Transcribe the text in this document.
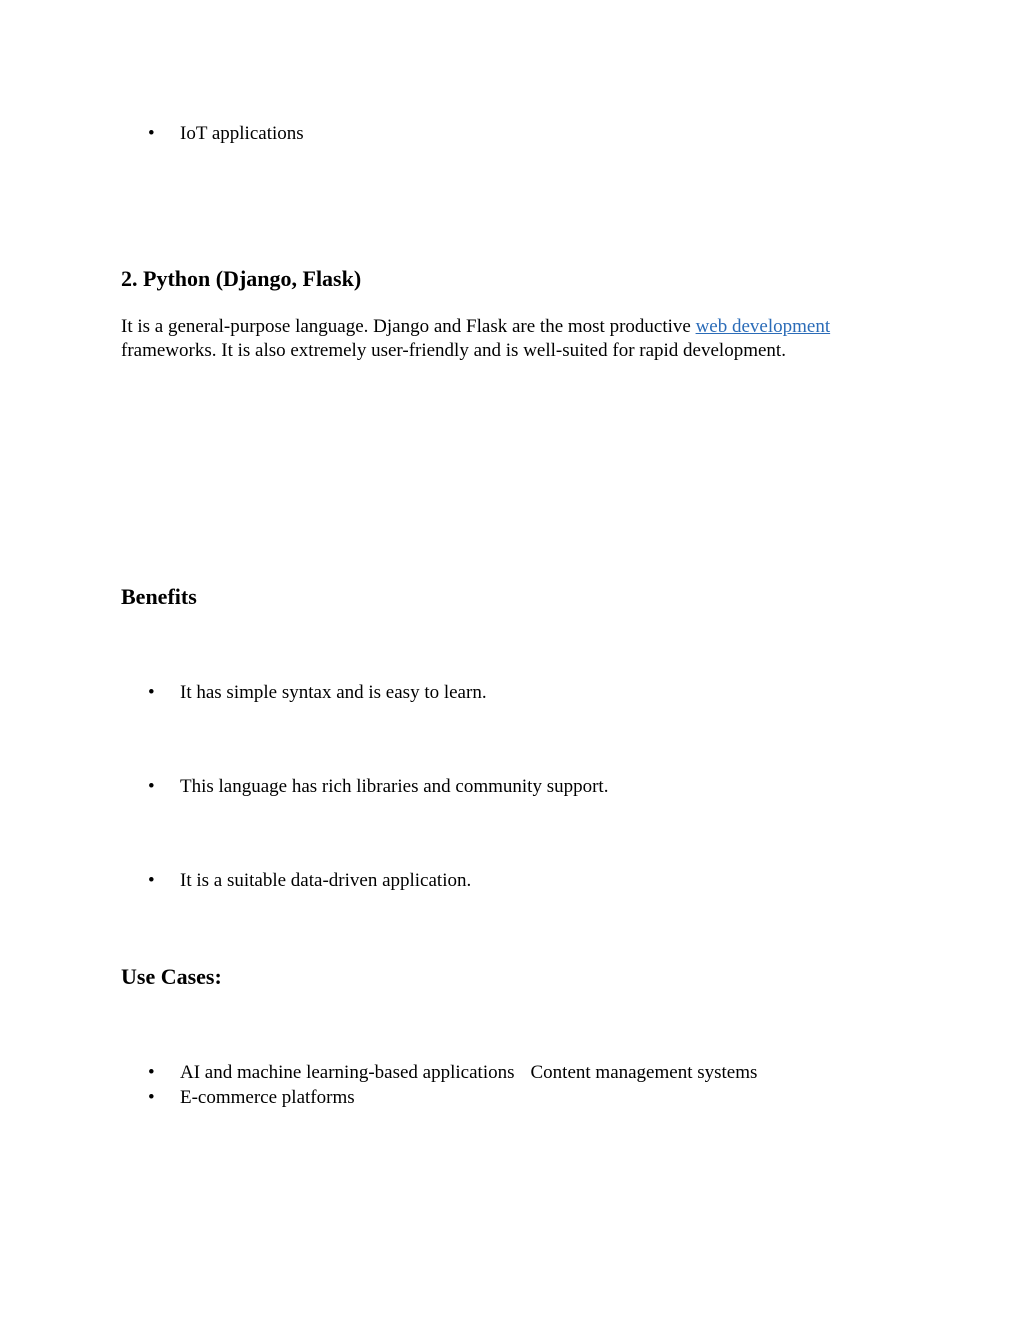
•	IoT applications
2. Python (Django, Flask)
It is a general-purpose language. Django and Flask are the most productive web development
frameworks. It is also extremely user-friendly and is well-suited for rapid development.
Benefits
•	It has simple syntax and is easy to learn.
•	This language has rich libraries and community support.
•	It is a suitable data-driven application.
Use Cases:
•	AI and machine learning-based applications Content management systems
•	E-commerce platforms
